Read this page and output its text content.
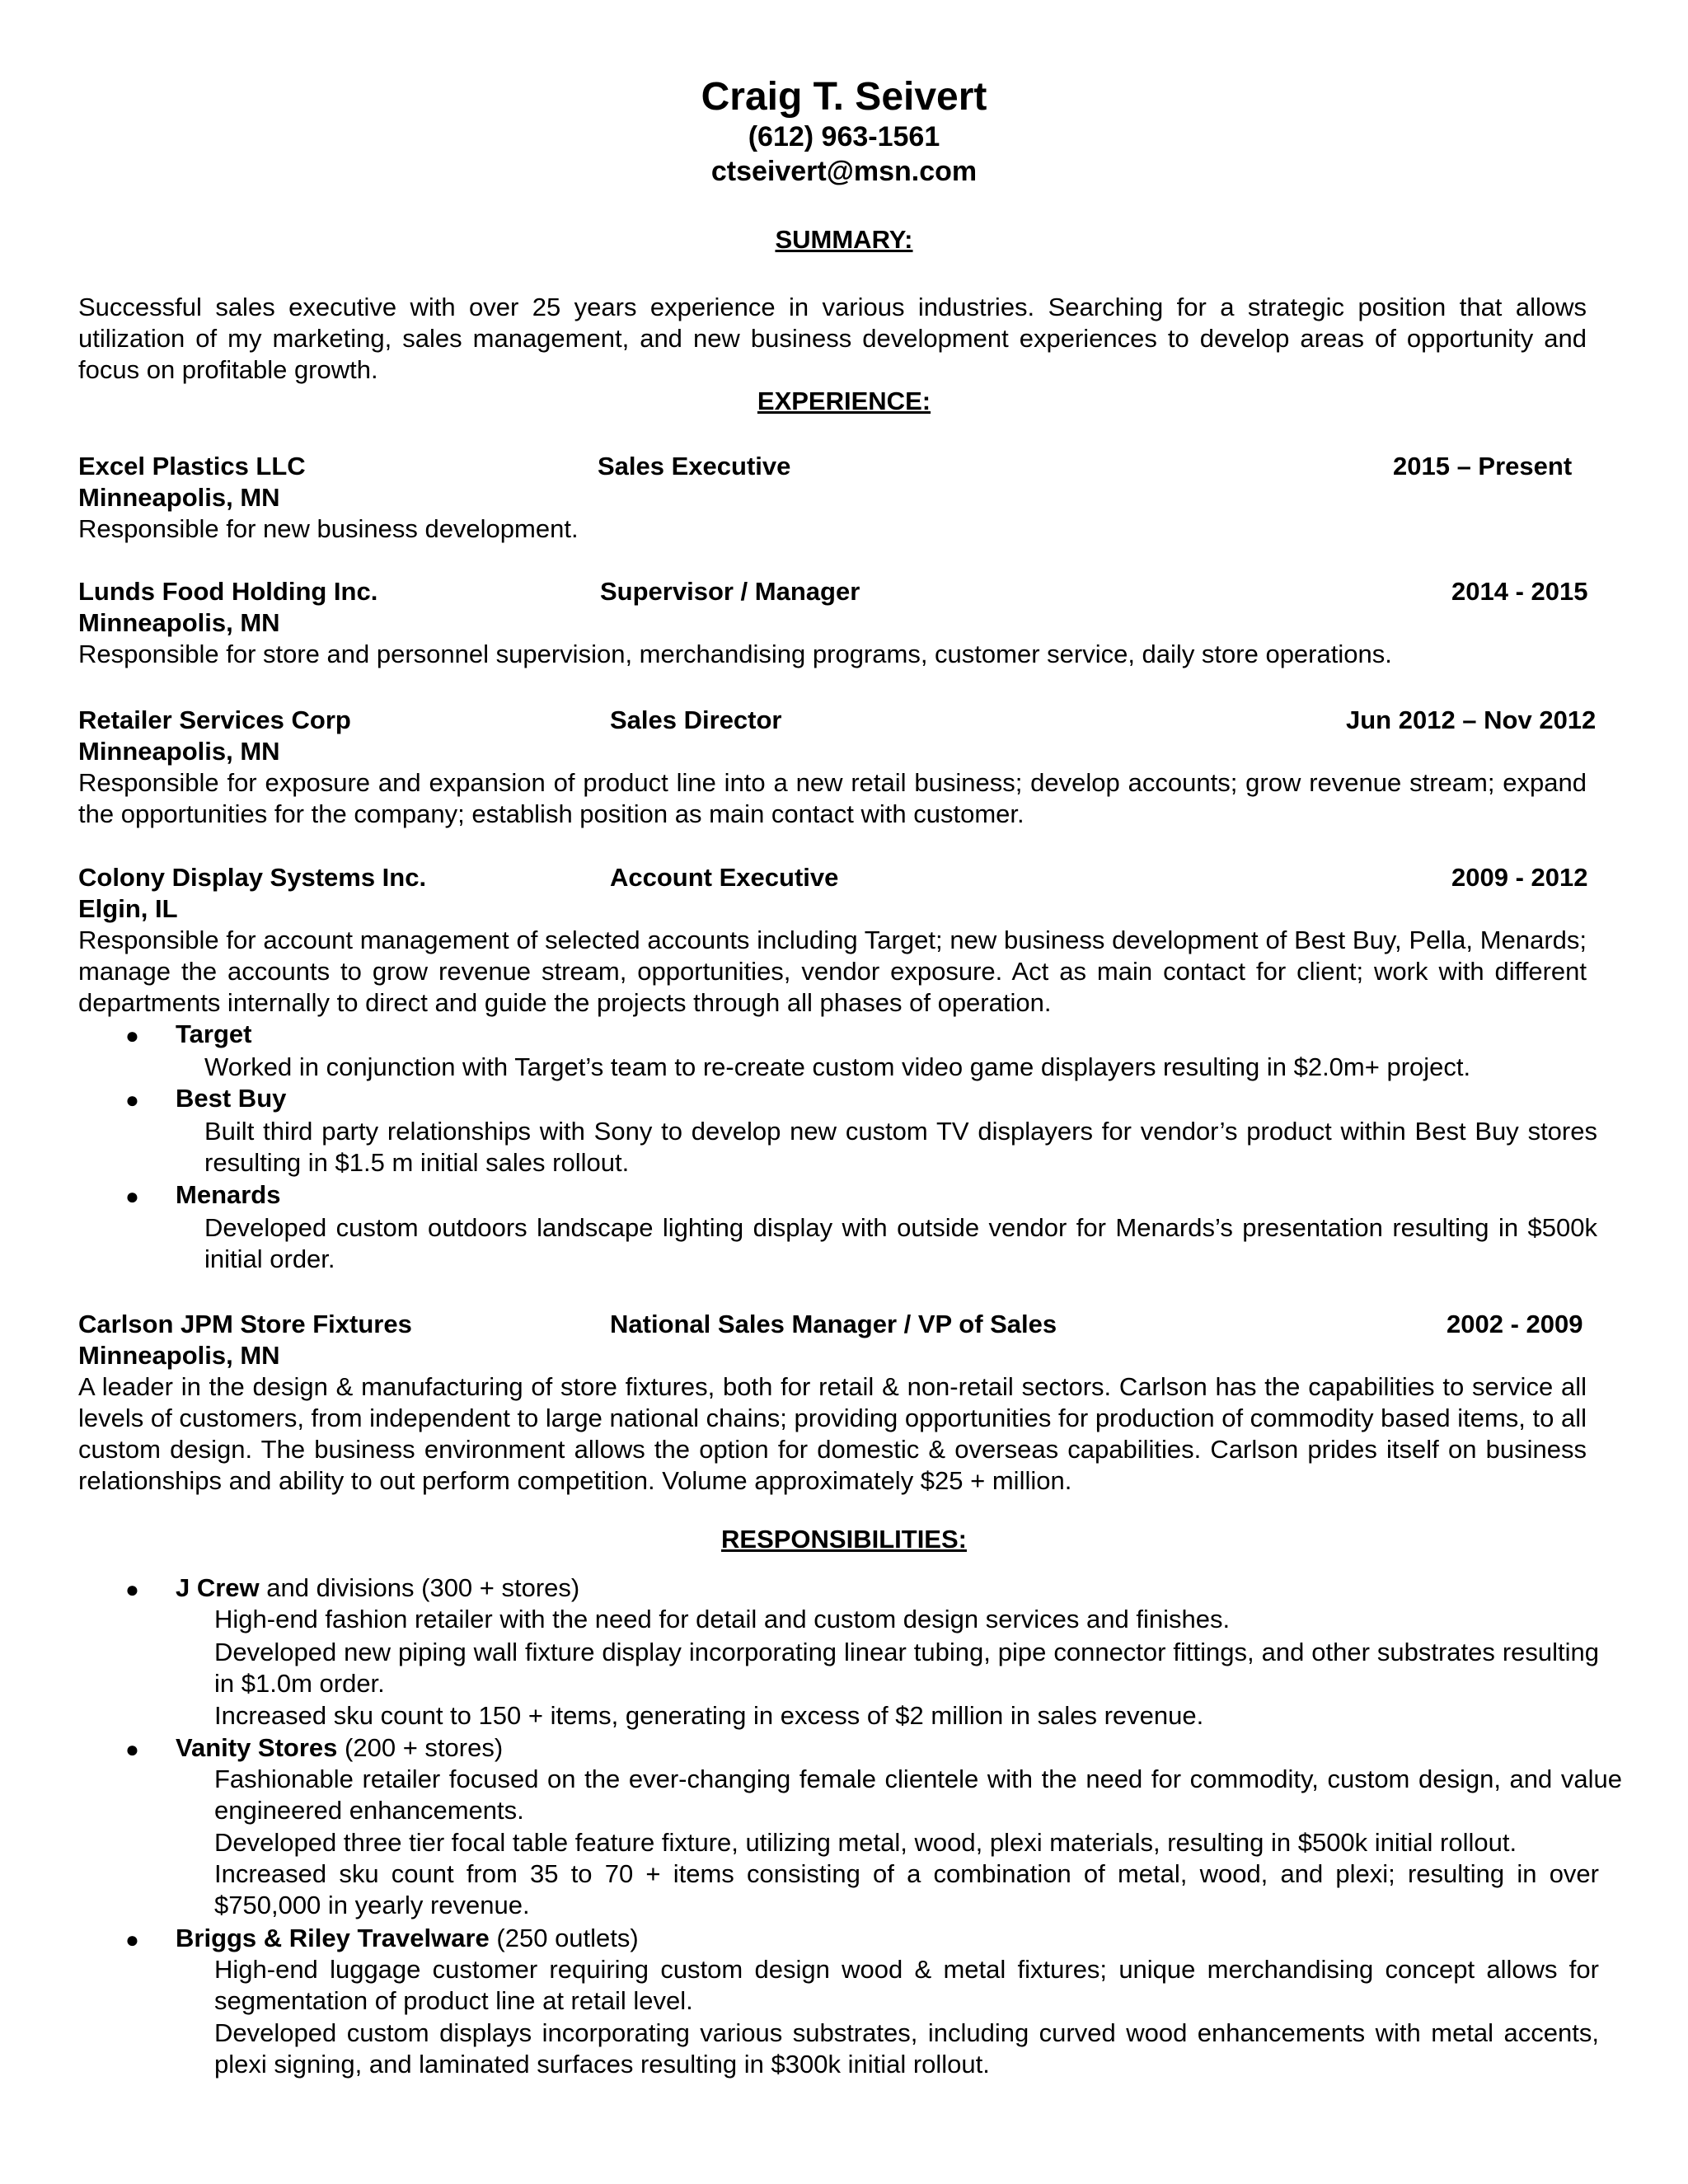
Craig T. Seivert
(612) 963-1561
ctseivert@msn.com
SUMMARY:
Successful sales executive with over 25 years experience in various industries. Searching for a strategic position that allows utilization of my marketing, sales management, and new business development experiences to develop areas of opportunity and focus on profitable growth.
EXPERIENCE:
Excel Plastics LLC	Sales Executive	2015 – Present
Minneapolis, MN
Responsible for new business development.
Lunds Food Holding Inc.	Supervisor / Manager	2014 - 2015
Minneapolis, MN
Responsible for store and personnel supervision, merchandising programs, customer service, daily store operations.
Retailer Services Corp	Sales Director	Jun 2012 – Nov 2012
Minneapolis, MN
Responsible for exposure and expansion of product line into a new retail business; develop accounts; grow revenue stream; expand the opportunities for the company; establish position as main contact with customer.
Colony Display Systems Inc.	Account Executive	2009 - 2012
Elgin, IL
Responsible for account management of selected accounts including Target; new business development of Best Buy, Pella, Menards; manage the accounts to grow revenue stream, opportunities, vendor exposure. Act as main contact for client; work with different departments internally to direct and guide the projects through all phases of operation.
● Target
Worked in conjunction with Target’s team to re-create custom video game displayers resulting in $2.0m+ project.
● Best Buy
Built third party relationships with Sony to develop new custom TV displayers for vendor’s product within Best Buy stores resulting in $1.5 m initial sales rollout.
● Menards
Developed custom outdoors landscape lighting display with outside vendor for Menards’s presentation resulting in $500k initial order.
Carlson JPM Store Fixtures	National Sales Manager / VP of Sales	2002 - 2009
Minneapolis, MN
A leader in the design & manufacturing of store fixtures, both for retail & non-retail sectors. Carlson has the capabilities to service all levels of customers, from independent to large national chains; providing opportunities for production of commodity based items, to all custom design. The business environment allows the option for domestic & overseas capabilities. Carlson prides itself on business relationships and ability to out perform competition. Volume approximately $25 + million.
RESPONSIBILITIES:
● J Crew and divisions (300 + stores)
High-end fashion retailer with the need for detail and custom design services and finishes.
Developed new piping wall fixture display incorporating linear tubing, pipe connector fittings, and other substrates resulting in $1.0m order.
Increased sku count to 150 + items, generating in excess of $2 million in sales revenue.
● Vanity Stores (200 + stores)
Fashionable retailer focused on the ever-changing female clientele with the need for commodity, custom design, and value engineered enhancements.
Developed three tier focal table feature fixture, utilizing metal, wood, plexi materials, resulting in $500k initial rollout.
Increased sku count from 35 to 70 + items consisting of a combination of metal, wood, and plexi; resulting in over $750,000 in yearly revenue.
● Briggs & Riley Travelware (250 outlets)
High-end luggage customer requiring custom design wood & metal fixtures; unique merchandising concept allows for segmentation of product line at retail level.
Developed custom displays incorporating various substrates, including curved wood enhancements with metal accents, plexi signing, and laminated surfaces resulting in $300k initial rollout.
